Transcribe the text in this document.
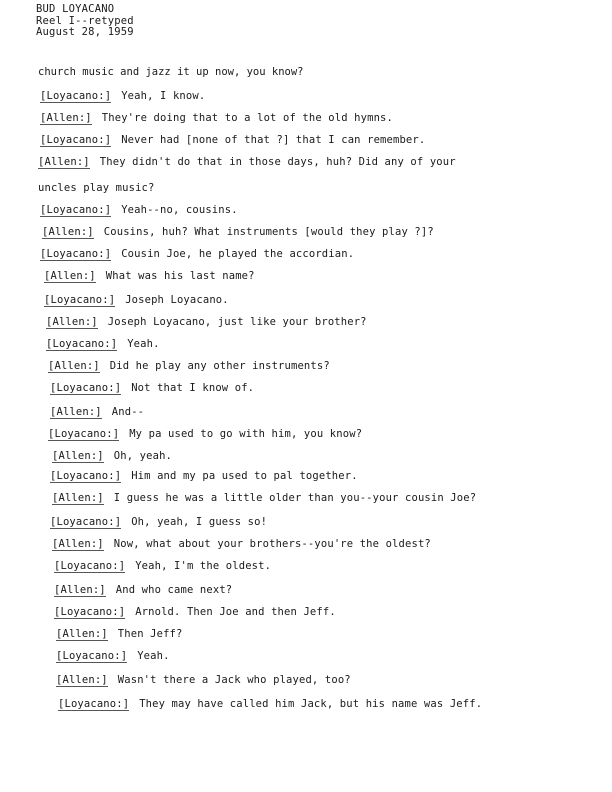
BUD LOYACANO
Reel I--retyped
August 28, 1959
church music and jazz it up now, you know?
[Loyacano:] Yeah, I know.
[Allen:] They're doing that to a lot of the old hymns.
[Loyacano:] Never had [none of that ?] that I can remember.
[Allen:] They didn't do that in those days, huh? Did any of your
uncles play music?
[Loyacano:] Yeah--no, cousins.
[Allen:] Cousins, huh? What instruments [would they play ?]?
[Loyacano:] Cousin Joe, he played the accordian.
[Allen:] What was his last name?
[Loyacano:] Joseph Loyacano.
[Allen:] Joseph Loyacano, just like your brother?
[Loyacano:] Yeah.
[Allen:] Did he play any other instruments?
[Loyacano:] Not that I know of.
[Allen:] And--
[Loyacano:] My pa used to go with him, you know?
[Allen:] Oh, yeah.
[Loyacano:] Him and my pa used to pal together.
[Allen:] I guess he was a little older than you--your cousin Joe?
[Loyacano:] Oh, yeah, I guess so!
[Allen:] Now, what about your brothers--you're the oldest?
[Loyacano:] Yeah, I'm the oldest.
[Allen:] And who came next?
[Loyacano:] Arnold. Then Joe and then Jeff.
[Allen:] Then Jeff?
[Loyacano:] Yeah.
[Allen:] Wasn't there a Jack who played, too?
[Loyacano:] They may have called him Jack, but his name was Jeff.
